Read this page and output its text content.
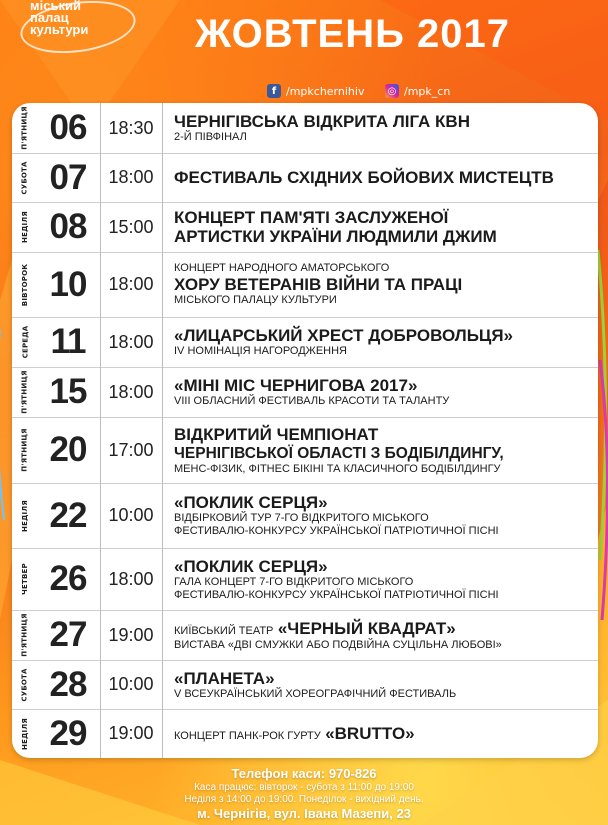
міський
палац
культури	ЖОВТЕНЬ 2017
f /mpkchernihiv ◎ /mpk_cn
П'ЯТНИЦЯ 06	18:30	ЧЕРНІГІВСЬКА ВІДКРИТА ЛІГА КВН
2-Й ПІВФІНАЛ
СУБОТА 07	18:00	ФЕСТИВАЛЬ СХІДНИХ БОЙОВИХ МИСТЕЦТВ
НЕДІЛЯ 08	15:00	КОНЦЕРТ ПАМ'ЯТІ ЗАСЛУЖЕНОЇ
АРТИСТКИ УКРАЇНИ ЛЮДМИЛИ ДЖИМ
ВІВТОРОК 10	18:00
КОНЦЕРТ НАРОДНОГО АМАТОРСЬКОГО
ХОРУ ВЕТЕРАНІВ ВІЙНИ ТА ПРАЦІ
МІСЬКОГО ПАЛАЦУ КУЛЬТУРИ
СЕРЕДА 11	18:00	«ЛИЦАРСЬКИЙ ХРЕСТ ДОБРОВОЛЬЦЯ»
IV НОМІНАЦІЯ НАГОРОДЖЕННЯ
П'ЯТНИЦЯ 15	18:00	«МІНІ МІС ЧЕРНИГОВА 2017»
VIII ОБЛАСНИЙ ФЕСТИВАЛЬ КРАСОТИ ТА ТАЛАНТУ
П'ЯТНИЦЯ 20	17:00
ВІДКРИТИЙ ЧЕМПІОНАТ
ЧЕРНІГІВСЬКОЇ ОБЛАСТІ З БОДІБІЛДИНГУ,
МЕНС-ФІЗИК, ФІТНЕС БІКІНІ ТА КЛАСИЧНОГО БОДІБІЛДИНГУ
НЕДІЛЯ 22	10:00
«ПОКЛИК СЕРЦЯ»
ВІДБІРКОВИЙ ТУР 7-ГО ВІДКРИТОГО МІСЬКОГО
ФЕСТИВАЛЮ-КОНКУРСУ УКРАЇНСЬКОЇ ПАТРІОТИЧНОЇ ПІСНІ
ЧЕТВЕР 26	18:00
«ПОКЛИК СЕРЦЯ»
ГАЛА КОНЦЕРТ 7-ГО ВІДКРИТОГО МІСЬКОГО
ФЕСТИВАЛЮ-КОНКУРСУ УКРАЇНСЬКОЇ ПАТРІОТИЧНОЇ ПІСНІ
П'ЯТНИЦЯ 27	19:00	КИЇВСЬКИЙ ТЕАТР «ЧЕРНЫЙ КВАДРАТ»
ВИСТАВА «ДВІ СМУЖКИ АБО ПОДВІЙНА СУЦІЛЬНА ЛЮБОВІ»
СУБОТА 28	10:00	«ПЛАНЕТА»
V ВСЕУКРАЇНСЬКИЙ ХОРЕОГРАФІЧНИЙ ФЕСТИВАЛЬ
НЕДІЛЯ 29	19:00	КОНЦЕРТ ПАНК-РОК ГУРТУ «BRUTTO»
Телефон каси: 970-826
Каса працює: вівторок - субота з 11:00 до 19:00
Неділя з 14:00 до 19:00. Понеділок - вихідний день.
м. Чернігів, вул. Івана Мазепи, 23
